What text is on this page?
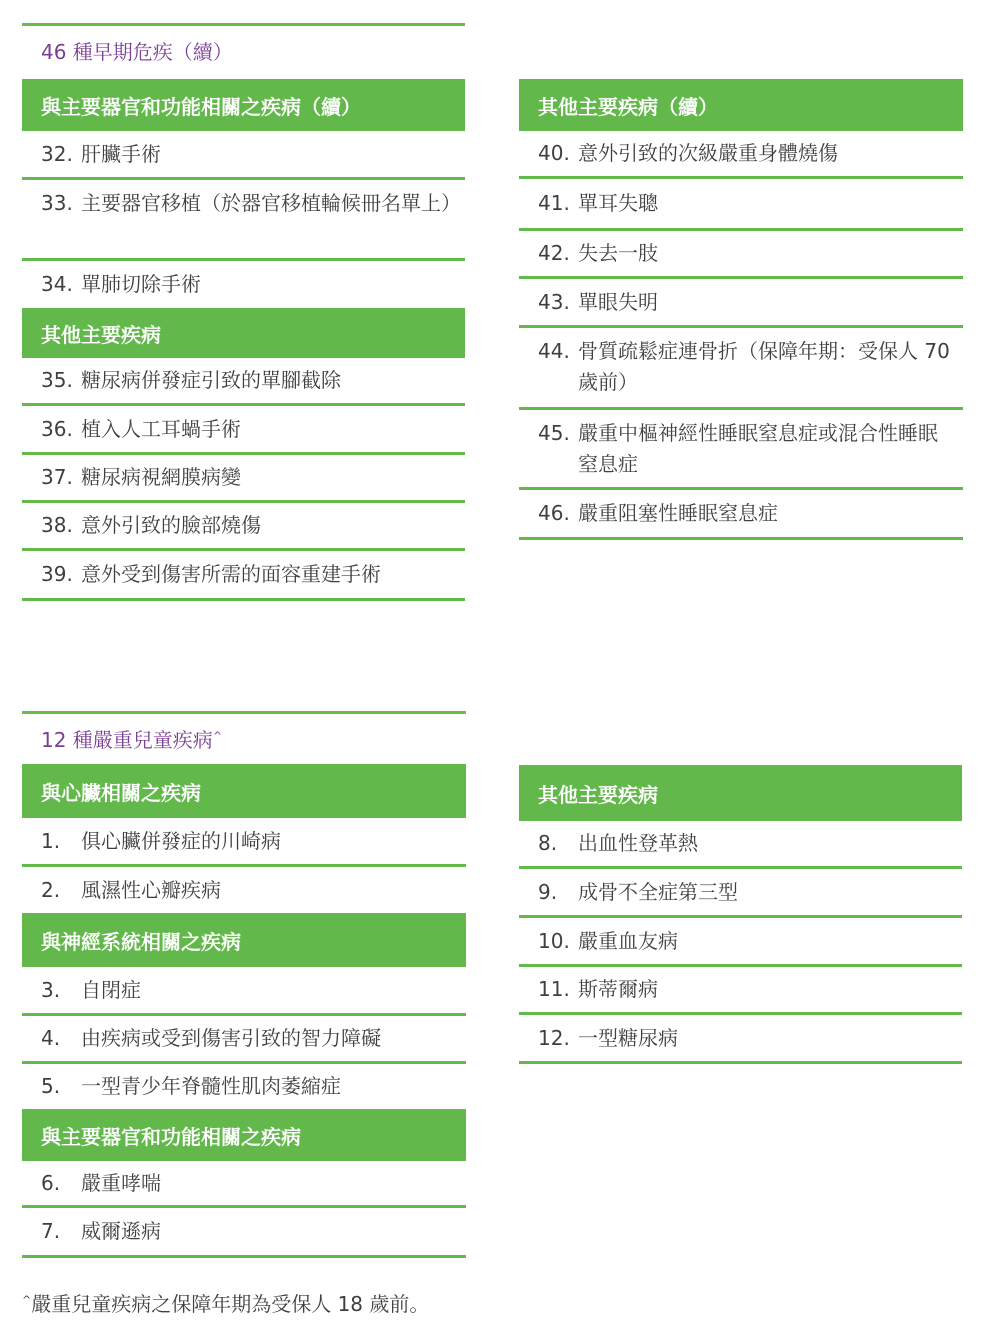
46 種早期危疾（續）
與主要器官和功能相關之疾病（續）
32. 肝臟手術
33. 主要器官移植（於器官移植輪候冊名單上）
34. 單肺切除手術
其他主要疾病
35. 糖尿病併發症引致的單腳截除
36. 植入人工耳蝸手術
37. 糖尿病視網膜病變
38. 意外引致的臉部燒傷
39. 意外受到傷害所需的面容重建手術
其他主要疾病（續）
40. 意外引致的次級嚴重身體燒傷
41. 單耳失聰
42. 失去一肢
43. 單眼失明
44. 骨質疏鬆症連骨折（保障年期：受保人 70 歲前）
45. 嚴重中樞神經性睡眠窒息症或混合性睡眠窒息症
46. 嚴重阻塞性睡眠窒息症
12 種嚴重兒童疾病^
與心臟相關之疾病
1.	俱心臟併發症的川崎病
2.	風濕性心瓣疾病
與神經系統相關之疾病
3.	自閉症
4.	由疾病或受到傷害引致的智力障礙
5.	一型青少年脊髓性肌肉萎縮症
與主要器官和功能相關之疾病
6.	嚴重哮喘
7.	威爾遜病
其他主要疾病
8.	出血性登革熱
9.	成骨不全症第三型
10. 嚴重血友病
11. 斯蒂爾病
12. 一型糖尿病
^嚴重兒童疾病之保障年期為受保人 18 歲前。
